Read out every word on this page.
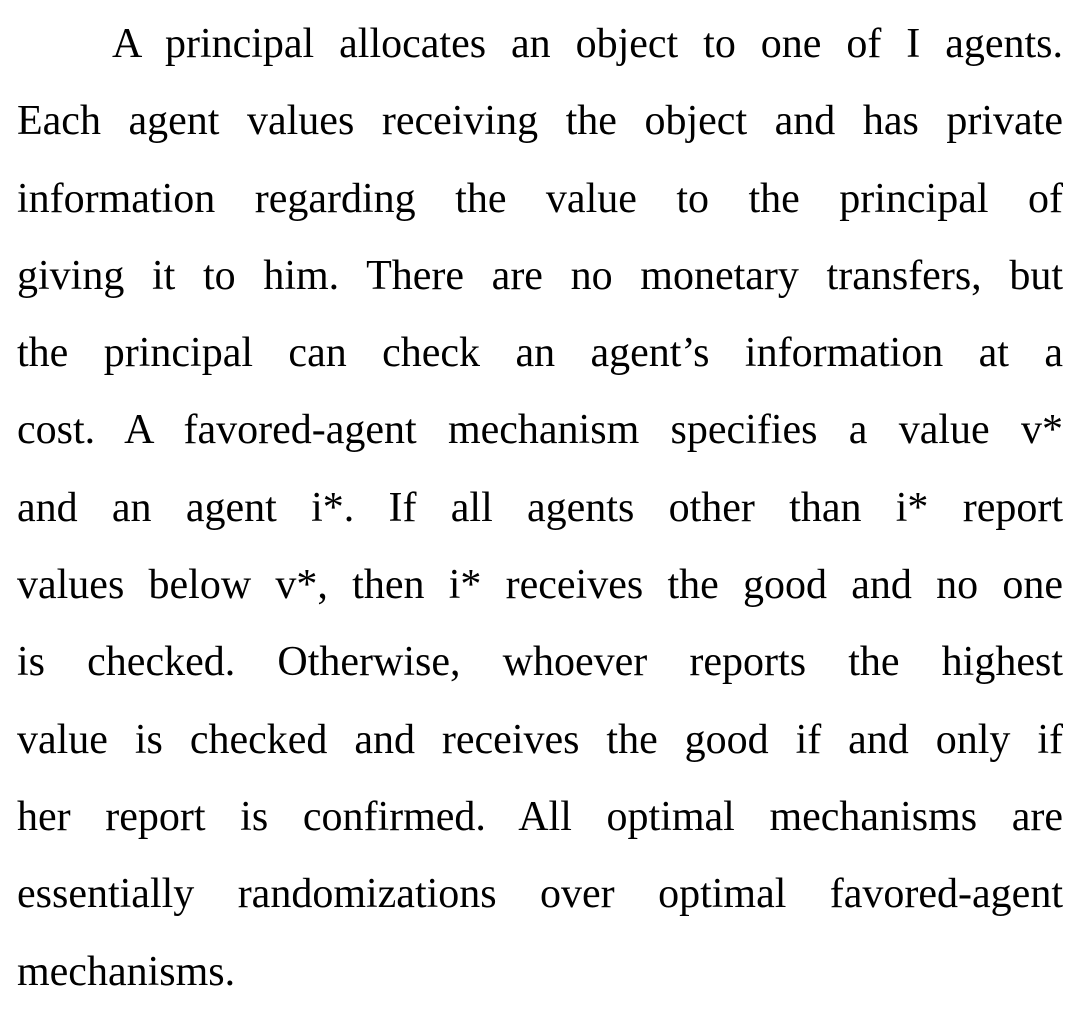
A principal allocates an object to one of I agents.
Each agent values receiving the object and has private
information regarding the value to the principal of
giving it to him. There are no monetary transfers, but
the principal can check an agent’s information at a
cost. A favored-agent mechanism specifies a value v*
and an agent i*. If all agents other than i* report
values below v*, then i* receives the good and no one
is checked. Otherwise, whoever reports the highest
value is checked and receives the good if and only if
her report is confirmed. All optimal mechanisms are
essentially randomizations over optimal favored-agent
mechanisms.
